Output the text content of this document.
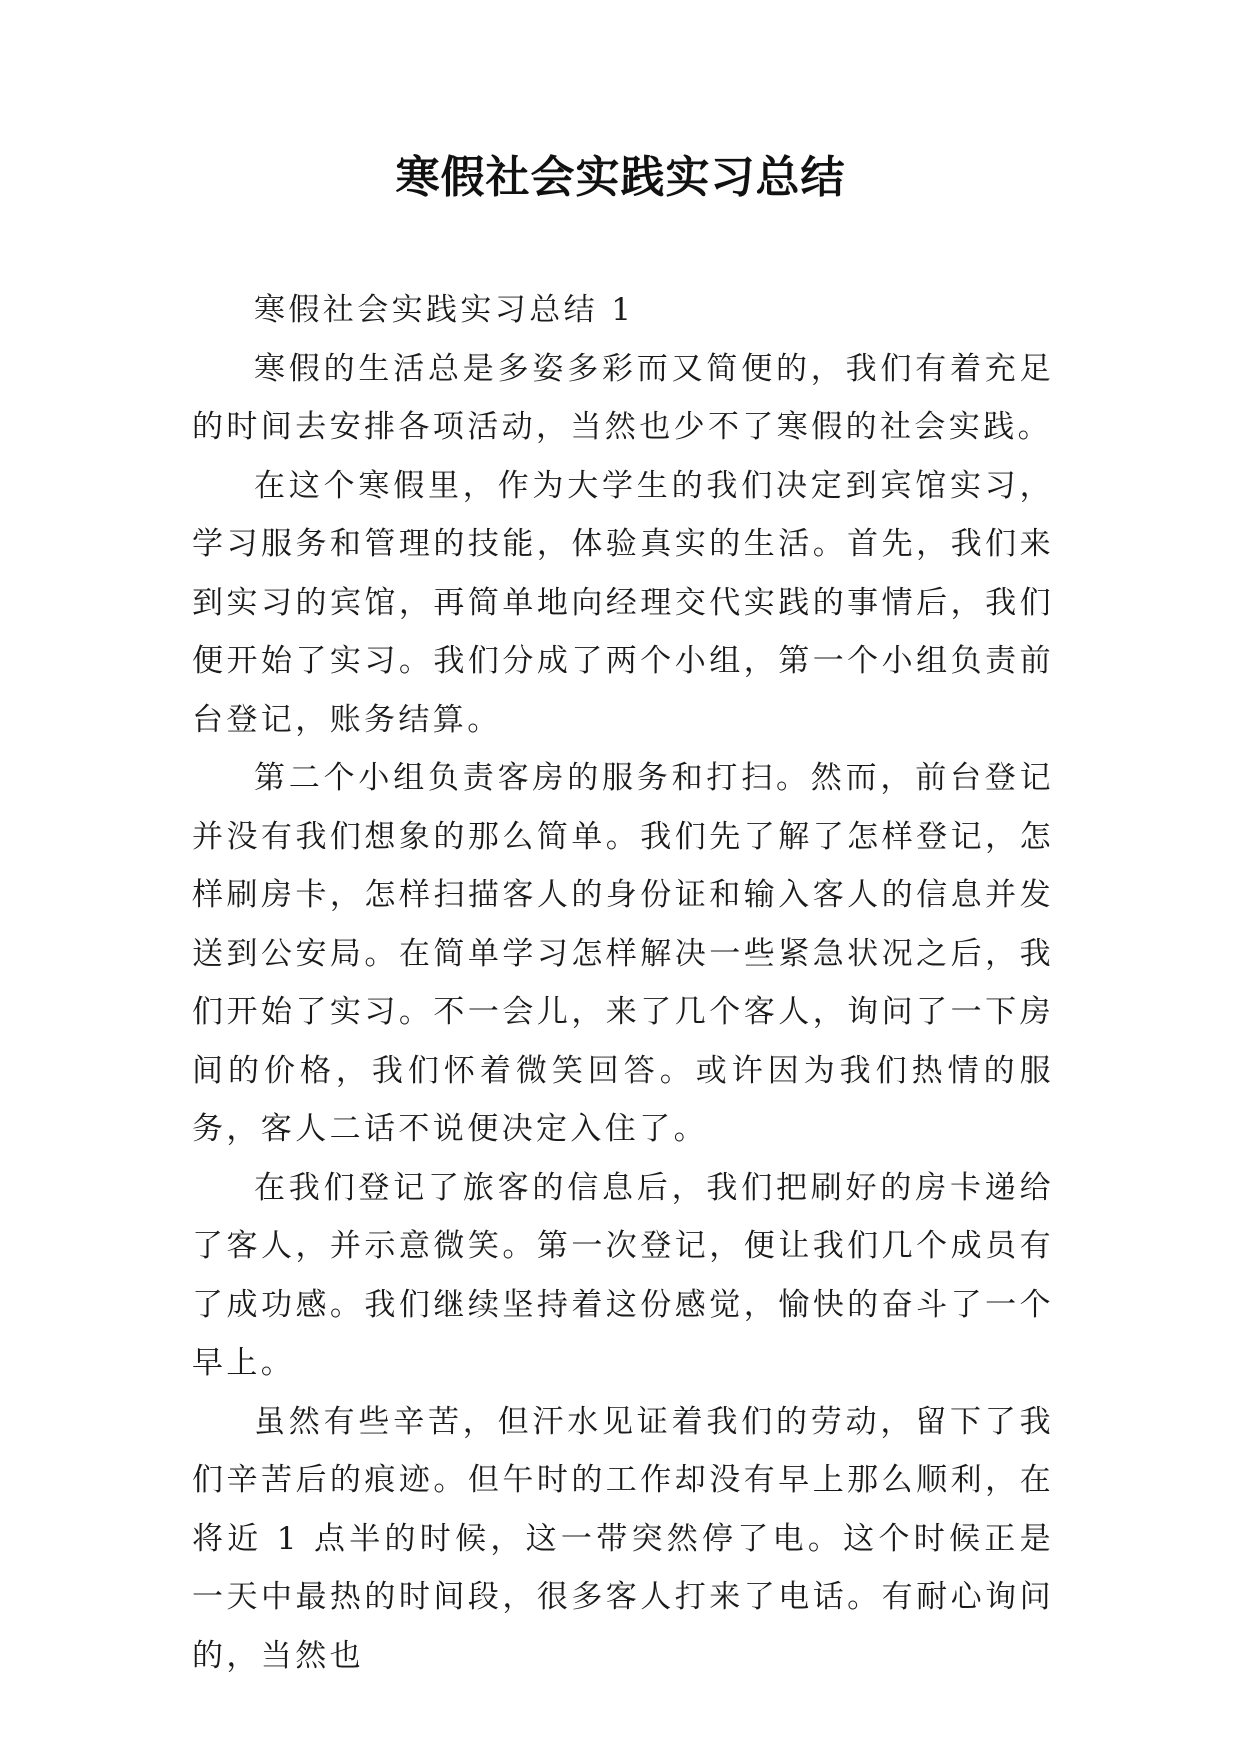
寒假社会实践实习总结

寒假社会实践实习总结 1

寒假的生活总是多姿多彩而又简便的，我们有着充足的时间去安排各项活动，当然也少不了寒假的社会实践。

在这个寒假里，作为大学生的我们决定到宾馆实习，学习服务和管理的技能，体验真实的生活。首先，我们来到实习的宾馆，再简单地向经理交代实践的事情后，我们便开始了实习。我们分成了两个小组，第一个小组负责前台登记，账务结算。

第二个小组负责客房的服务和打扫。然而，前台登记并没有我们想象的那么简单。我们先了解了怎样登记，怎样刷房卡，怎样扫描客人的身份证和输入客人的信息并发送到公安局。在简单学习怎样解决一些紧急状况之后，我们开始了实习。不一会儿，来了几个客人，询问了一下房间的价格，我们怀着微笑回答。或许因为我们热情的服务，客人二话不说便决定入住了。

在我们登记了旅客的信息后，我们把刷好的房卡递给了客人，并示意微笑。第一次登记，便让我们几个成员有了成功感。我们继续坚持着这份感觉，愉快的奋斗了一个早上。

虽然有些辛苦，但汗水见证着我们的劳动，留下了我们辛苦后的痕迹。但午时的工作却没有早上那么顺利，在将近 1 点半的时候，这一带突然停了电。这个时候正是一天中最热的时间段，很多客人打来了电话。有耐心询问的，当然也
